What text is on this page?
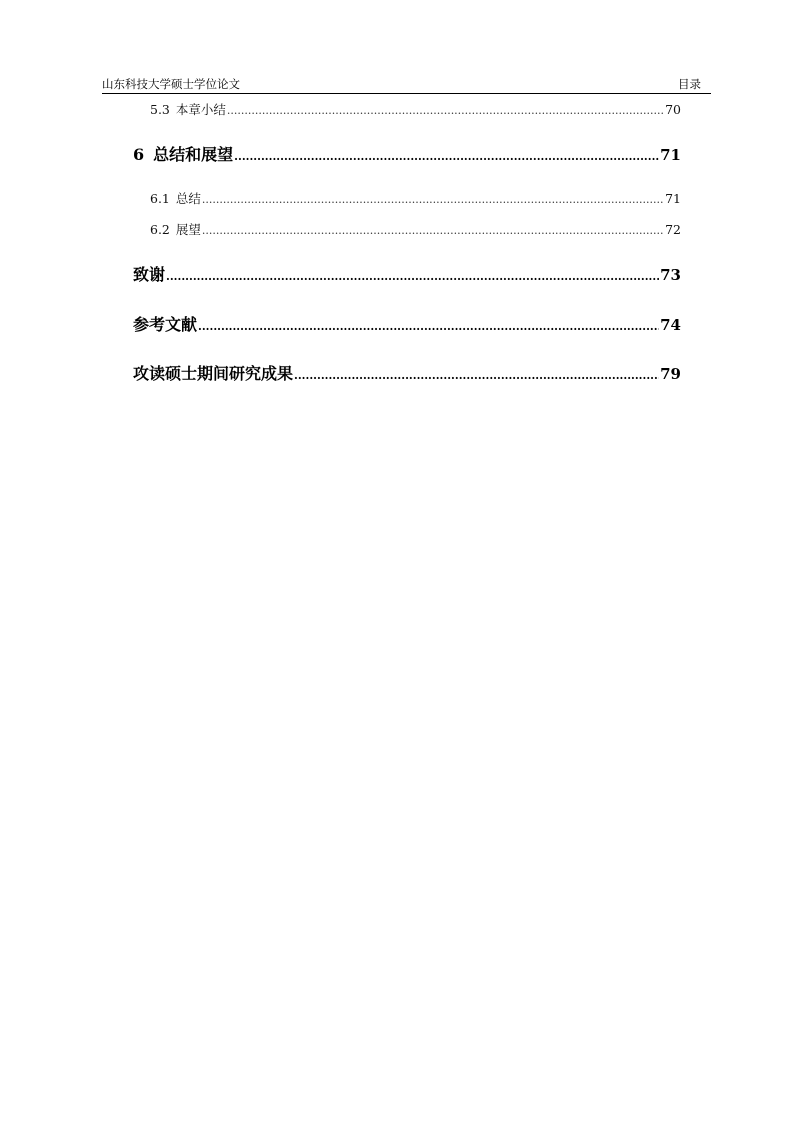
山东科技大学硕士学位论文	目录
5.3 本章小结 .....	70
6 总结和展望 .....	71
6.1 总结 .....	71
6.2 展望 .....	72
致谢 .....	73
参考文献 .....	74
攻读硕士期间研究成果 .....	79
